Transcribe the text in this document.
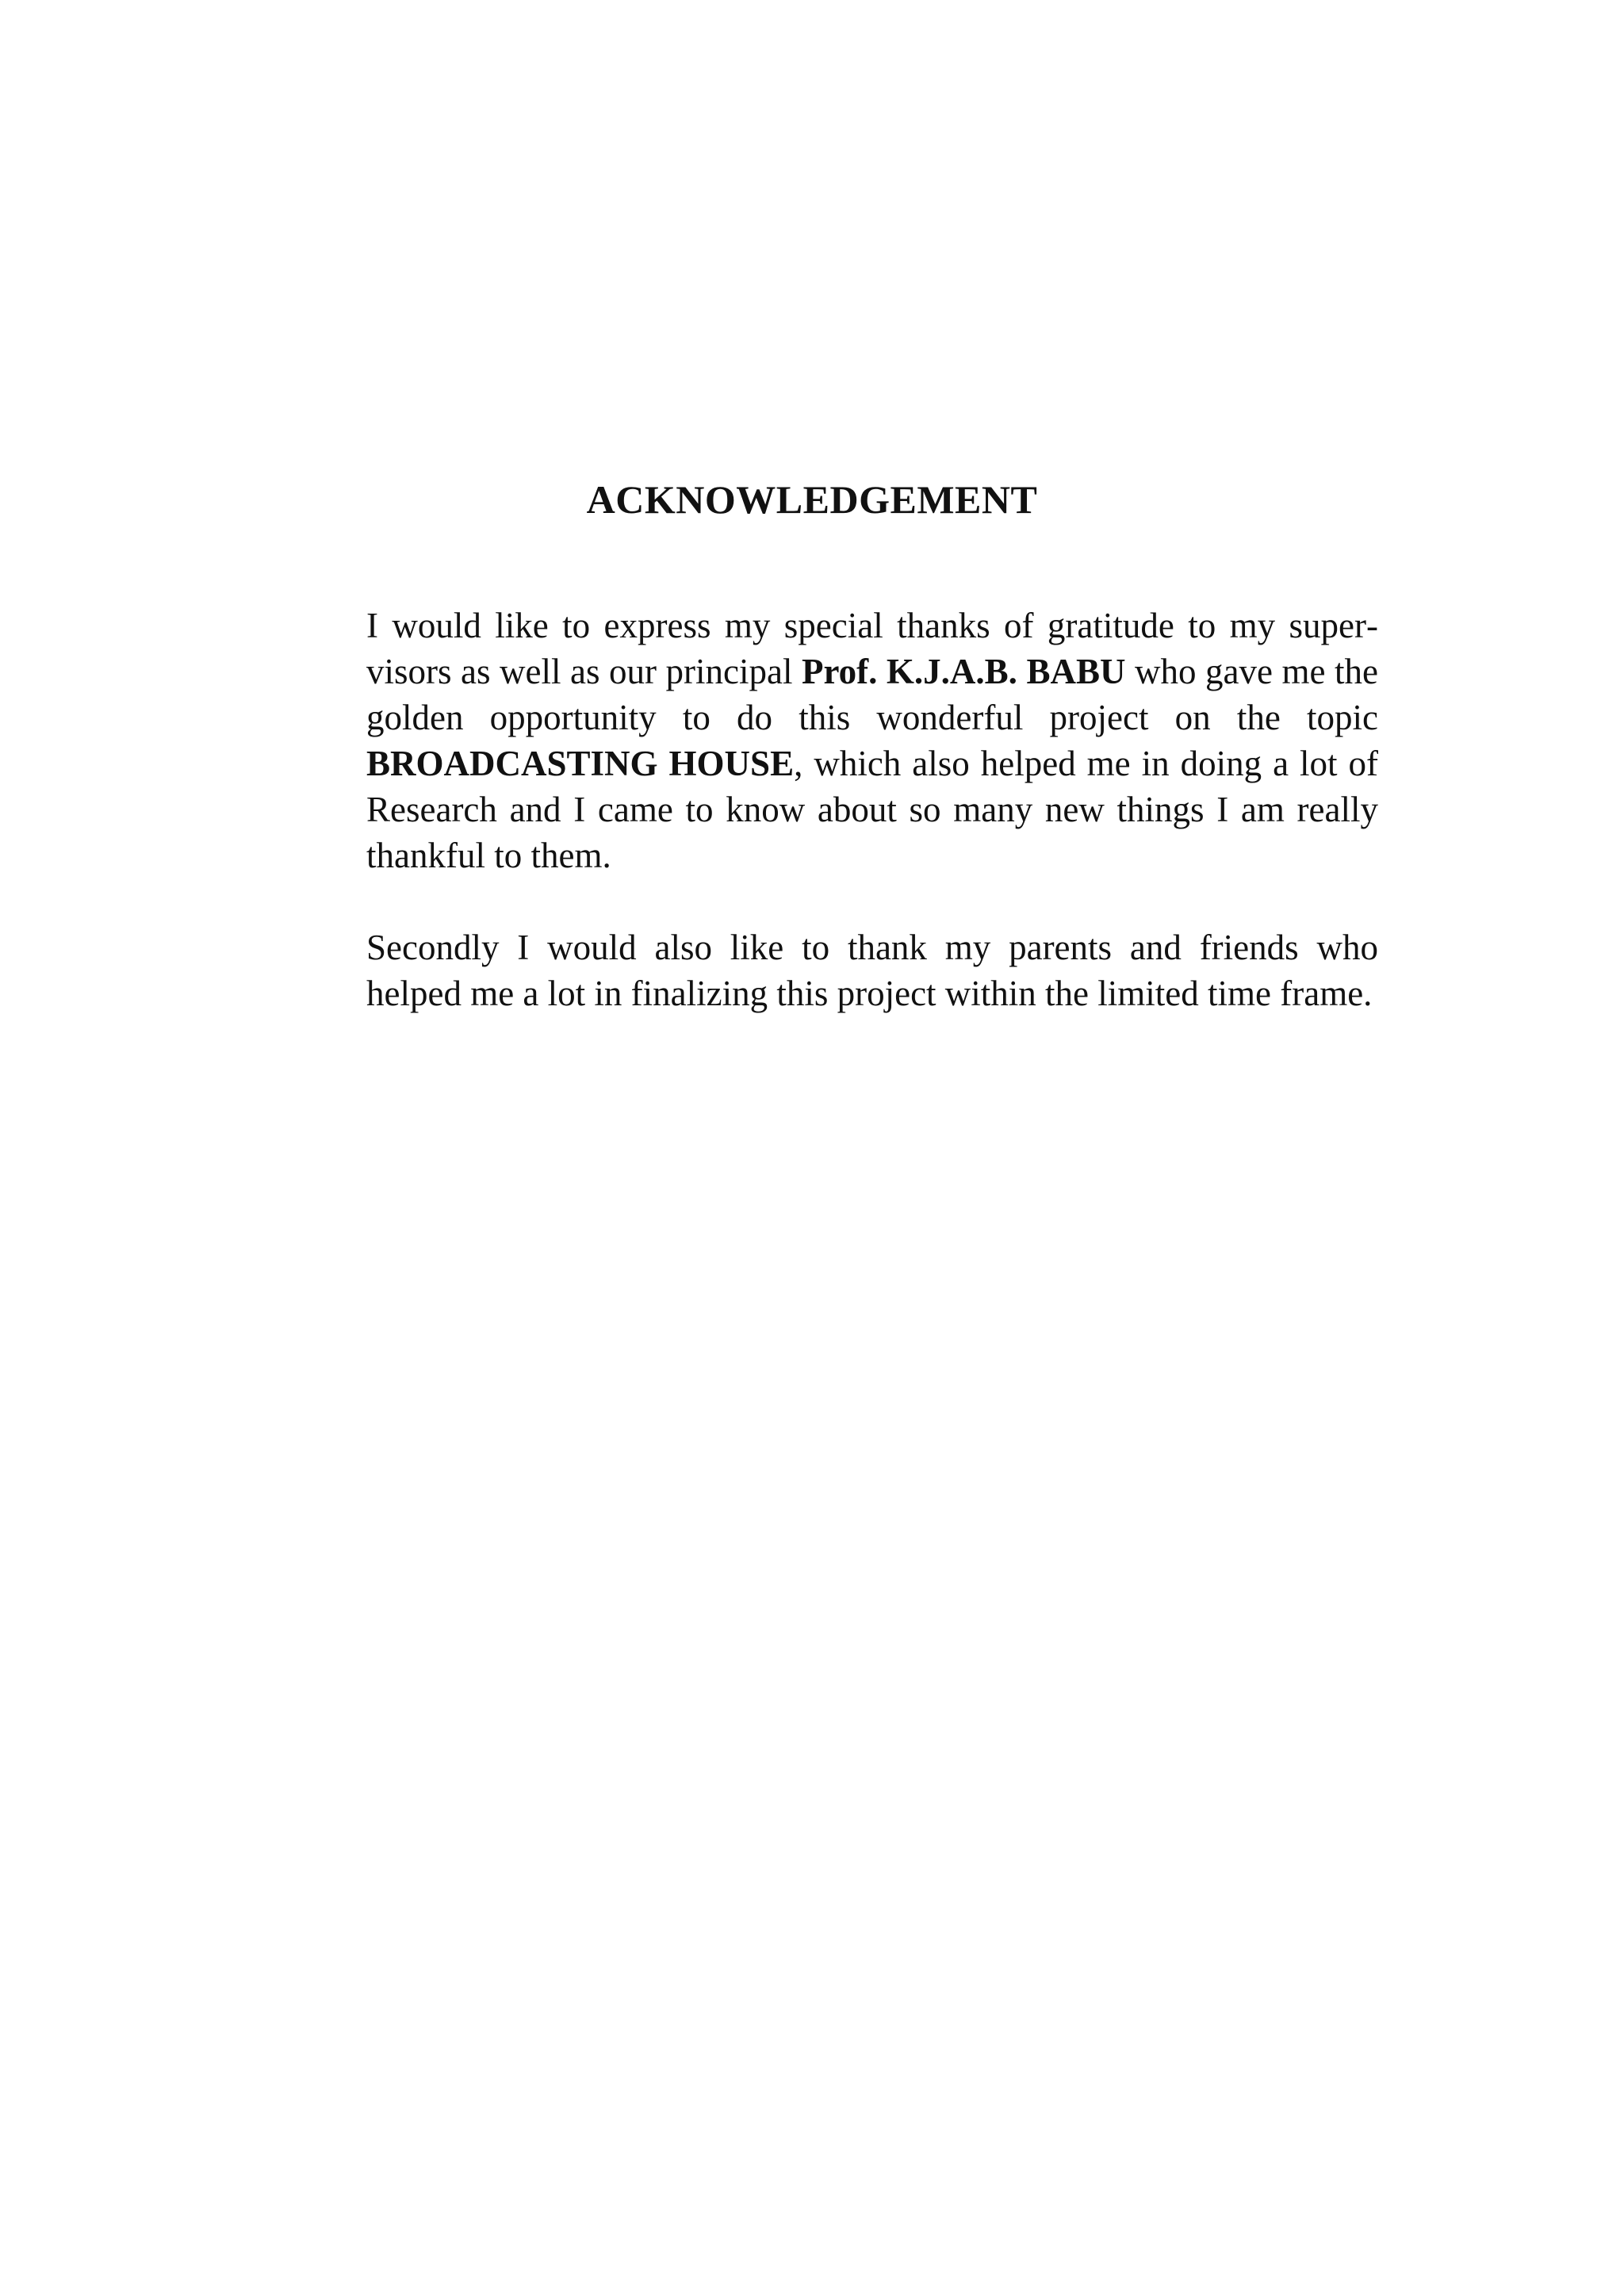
ACKNOWLEDGEMENT

I would like to express my special thanks of gratitude to my supervisors as well as our principal Prof. K.J.A.B. BABU who gave me the golden opportunity to do this wonderful project on the topic BROADCASTING HOUSE, which also helped me in doing a lot of Research and I came to know about so many new things I am really thankful to them.

Secondly I would also like to thank my parents and friends who helped me a lot in finalizing this project within the limited time frame.
